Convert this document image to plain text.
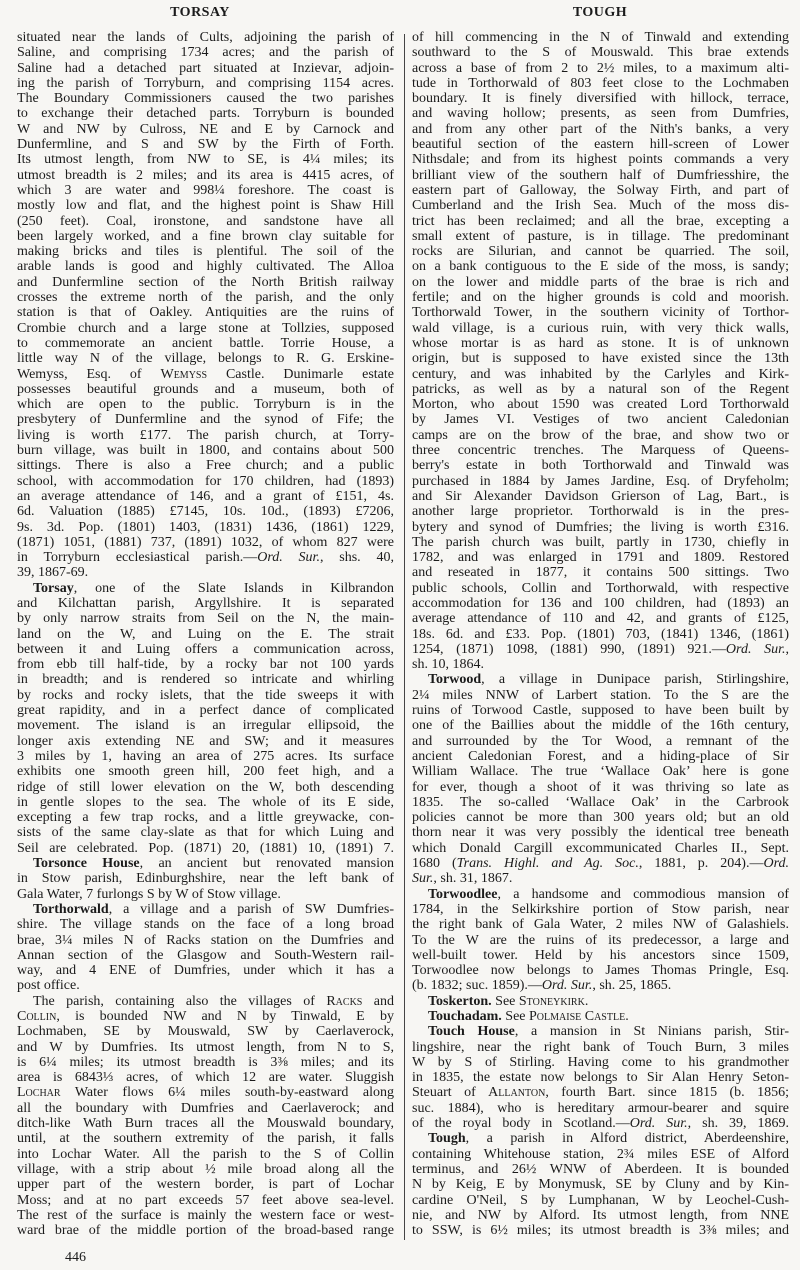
TORSAY	TOUGH
situated near the lands of Cults, adjoining the parish of
Saline, and comprising 1734 acres; and the parish of
Saline had a detached part situated at Inzievar, adjoin-
ing the parish of Torryburn, and comprising 1154 acres.
The Boundary Commissioners caused the two parishes
to exchange their detached parts. Torryburn is bounded
W and NW by Culross, NE and E by Carnock and
Dunfermline, and S and SW by the Firth of Forth.
Its utmost length, from NW to SE, is 4¼ miles; its
utmost breadth is 2 miles; and its area is 4415 acres, of
which 3 are water and 998¼ foreshore. The coast is
mostly low and flat, and the highest point is Shaw Hill
(250 feet). Coal, ironstone, and sandstone have all
been largely worked, and a fine brown clay suitable for
making bricks and tiles is plentiful. The soil of the
arable lands is good and highly cultivated. The Alloa
and Dunfermline section of the North British railway
crosses the extreme north of the parish, and the only
station is that of Oakley. Antiquities are the ruins of
Crombie church and a large stone at Tollzies, supposed
to commemorate an ancient battle. Torrie House, a
little way N of the village, belongs to R. G. Erskine-
Wemyss, Esq. of Wemyss Castle. Dunimarle estate
possesses beautiful grounds and a museum, both of
which are open to the public. Torryburn is in the
presbytery of Dunfermline and the synod of Fife; the
living is worth £177. The parish church, at Torry-
burn village, was built in 1800, and contains about 500
sittings. There is also a Free church; and a public
school, with accommodation for 170 children, had (1893)
an average attendance of 146, and a grant of £151, 4s.
6d. Valuation (1885) £7145, 10s. 10d., (1893) £7206,
9s. 3d. Pop. (1801) 1403, (1831) 1436, (1861) 1229,
(1871) 1051, (1881) 737, (1891) 1032, of whom 827 were
in Torryburn ecclesiastical parish.—Ord. Sur., shs. 40,
39, 1867-69.
Torsay, one of the Slate Islands in Kilbrandon
and Kilchattan parish, Argyllshire. It is separated
by only narrow straits from Seil on the N, the main-
land on the W, and Luing on the E. The strait
between it and Luing offers a communication across,
from ebb till half-tide, by a rocky bar not 100 yards
in breadth; and is rendered so intricate and whirling
by rocks and rocky islets, that the tide sweeps it with
great rapidity, and in a perfect dance of complicated
movement. The island is an irregular ellipsoid, the
longer axis extending NE and SW; and it measures
3 miles by 1, having an area of 275 acres. Its surface
exhibits one smooth green hill, 200 feet high, and a
ridge of still lower elevation on the W, both descending
in gentle slopes to the sea. The whole of its E side,
excepting a few trap rocks, and a little greywacke, con-
sists of the same clay-slate as that for which Luing and
Seil are celebrated. Pop. (1871) 20, (1881) 10, (1891) 7.
Torsonce House, an ancient but renovated mansion
in Stow parish, Edinburghshire, near the left bank of
Gala Water, 7 furlongs S by W of Stow village.
Torthorwald, a village and a parish of SW Dumfries-
shire. The village stands on the face of a long broad
brae, 3¼ miles N of Racks station on the Dumfries and
Annan section of the Glasgow and South-Western rail-
way, and 4 ENE of Dumfries, under which it has a
post office.
The parish, containing also the villages of Racks and
Collin, is bounded NW and N by Tinwald, E by
Lochmaben, SE by Mouswald, SW by Caerlaverock,
and W by Dumfries. Its utmost length, from N to S,
is 6¼ miles; its utmost breadth is 3⅜ miles; and its
area is 6843⅓ acres, of which 12 are water. Sluggish
Lochar Water flows 6¼ miles south-by-eastward along
all the boundary with Dumfries and Caerlaverock; and
ditch-like Wath Burn traces all the Mouswald boundary,
until, at the southern extremity of the parish, it falls
into Lochar Water. All the parish to the S of Collin
village, with a strip about ½ mile broad along all the
upper part of the western border, is part of Lochar
Moss; and at no part exceeds 57 feet above sea-level.
The rest of the surface is mainly the western face or west-
ward brae of the middle portion of the broad-based range
of hill commencing in the N of Tinwald and extending
southward to the S of Mouswald. This brae extends
across a base of from 2 to 2½ miles, to a maximum alti-
tude in Torthorwald of 803 feet close to the Lochmaben
boundary. It is finely diversified with hillock, terrace,
and waving hollow; presents, as seen from Dumfries,
and from any other part of the Nith's banks, a very
beautiful section of the eastern hill-screen of Lower
Nithsdale; and from its highest points commands a very
brilliant view of the southern half of Dumfriesshire, the
eastern part of Galloway, the Solway Firth, and part of
Cumberland and the Irish Sea. Much of the moss dis-
trict has been reclaimed; and all the brae, excepting a
small extent of pasture, is in tillage. The predominant
rocks are Silurian, and cannot be quarried. The soil,
on a bank contiguous to the E side of the moss, is sandy;
on the lower and middle parts of the brae is rich and
fertile; and on the higher grounds is cold and moorish.
Torthorwald Tower, in the southern vicinity of Torthor-
wald village, is a curious ruin, with very thick walls,
whose mortar is as hard as stone. It is of unknown
origin, but is supposed to have existed since the 13th
century, and was inhabited by the Carlyles and Kirk-
patricks, as well as by a natural son of the Regent
Morton, who about 1590 was created Lord Torthorwald
by James VI. Vestiges of two ancient Caledonian
camps are on the brow of the brae, and show two or
three concentric trenches. The Marquess of Queens-
berry's estate in both Torthorwald and Tinwald was
purchased in 1884 by James Jardine, Esq. of Dryfeholm;
and Sir Alexander Davidson Grierson of Lag, Bart., is
another large proprietor. Torthorwald is in the pres-
bytery and synod of Dumfries; the living is worth £316.
The parish church was built, partly in 1730, chiefly in
1782, and was enlarged in 1791 and 1809. Restored
and reseated in 1877, it contains 500 sittings. Two
public schools, Collin and Torthorwald, with respective
accommodation for 136 and 100 children, had (1893) an
average attendance of 110 and 42, and grants of £125,
18s. 6d. and £33. Pop. (1801) 703, (1841) 1346, (1861)
1254, (1871) 1098, (1881) 990, (1891) 921.—Ord. Sur.,
sh. 10, 1864.
Torwood, a village in Dunipace parish, Stirlingshire,
2¼ miles NNW of Larbert station. To the S are the
ruins of Torwood Castle, supposed to have been built by
one of the Baillies about the middle of the 16th century,
and surrounded by the Tor Wood, a remnant of the
ancient Caledonian Forest, and a hiding-place of Sir
William Wallace. The true ‘Wallace Oak’ here is gone
for ever, though a shoot of it was thriving so late as
1835. The so-called ‘Wallace Oak’ in the Carbrook
policies cannot be more than 300 years old; but an old
thorn near it was very possibly the identical tree beneath
which Donald Cargill excommunicated Charles II., Sept.
1680 (Trans. Highl. and Ag. Soc., 1881, p. 204).—Ord.
Sur., sh. 31, 1867.
Torwoodlee, a handsome and commodious mansion of
1784, in the Selkirkshire portion of Stow parish, near
the right bank of Gala Water, 2 miles NW of Galashiels.
To the W are the ruins of its predecessor, a large and
well-built tower. Held by his ancestors since 1509,
Torwoodlee now belongs to James Thomas Pringle, Esq.
(b. 1832; suc. 1859).—Ord. Sur., sh. 25, 1865.
Toskerton. See Stoneykirk.
Touchadam. See Polmaise Castle.
Touch House, a mansion in St Ninians parish, Stir-
lingshire, near the right bank of Touch Burn, 3 miles
W by S of Stirling. Having come to his grandmother
in 1835, the estate now belongs to Sir Alan Henry Seton-
Steuart of Allanton, fourth Bart. since 1815 (b. 1856;
suc. 1884), who is hereditary armour-bearer and squire
of the royal body in Scotland.—Ord. Sur., sh. 39, 1869.
Tough, a parish in Alford district, Aberdeenshire,
containing Whitehouse station, 2¾ miles ESE of Alford
terminus, and 26½ WNW of Aberdeen. It is bounded
N by Keig, E by Monymusk, SE by Cluny and by Kin-
cardine O'Neil, S by Lumphanan, W by Leochel-Cush-
nie, and NW by Alford. Its utmost length, from NNE
to SSW, is 6½ miles; its utmost breadth is 3⅜ miles; and
446
